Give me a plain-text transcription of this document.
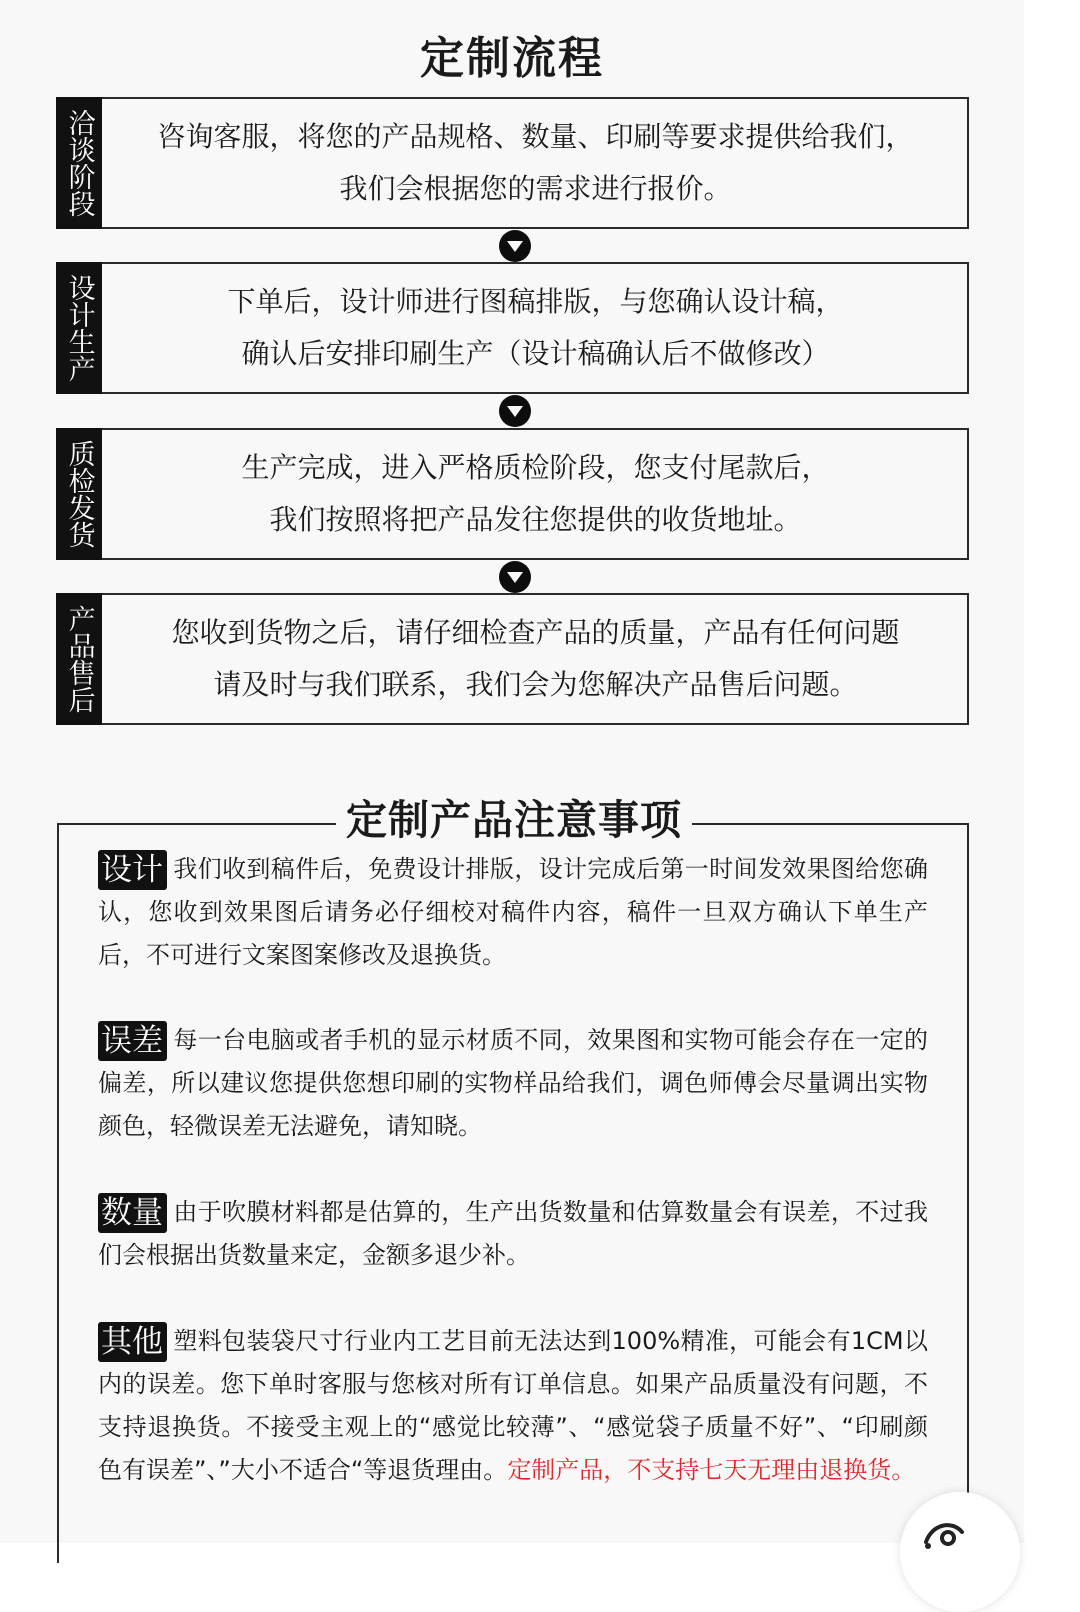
定制流程
洽谈阶段 咨询客服，将您的产品规格、数量、印刷等要求提供给我们，
我们会根据您的需求进行报价。
设计生产	下单后，设计师进行图稿排版，与您确认设计稿，
确认后安排印刷生产（设计稿确认后不做修改）
质检发货	生产完成，进入严格质检阶段，您支付尾款后，
我们按照将把产品发往您提供的收货地址。
产品售后	您收到货物之后，请仔细检查产品的质量，产品有任何问题
请及时与我们联系，我们会为您解决产品售后问题。
定制产品注意事项

设计 我们收到稿件后，免费设计排版，设计完成后第一时间发效果图给您确认，您收到效果图后请务必仔细校对稿件内容，稿件一旦双方确认下单生产后，不可进行文案图案修改及退换货。

误差 每一台电脑或者手机的显示材质不同，效果图和实物可能会存在一定的偏差，所以建议您提供您想印刷的实物样品给我们，调色师傅会尽量调出实物颜色，轻微误差无法避免，请知晓。

数量 由于吹膜材料都是估算的，生产出货数量和估算数量会有误差，不过我们会根据出货数量来定，金额多退少补。

其他 塑料包装袋尺寸行业内工艺目前无法达到100%精准，可能会有1CM以内的误差。您下单时客服与您核对所有订单信息。如果产品质量没有问题，不支持退换货。不接受主观上的“感觉比较薄”、“感觉袋子质量不好”、“印刷颜色有误差”、”大小不适合“等退货理由。定制产品，不支持七天无理由退换货。
